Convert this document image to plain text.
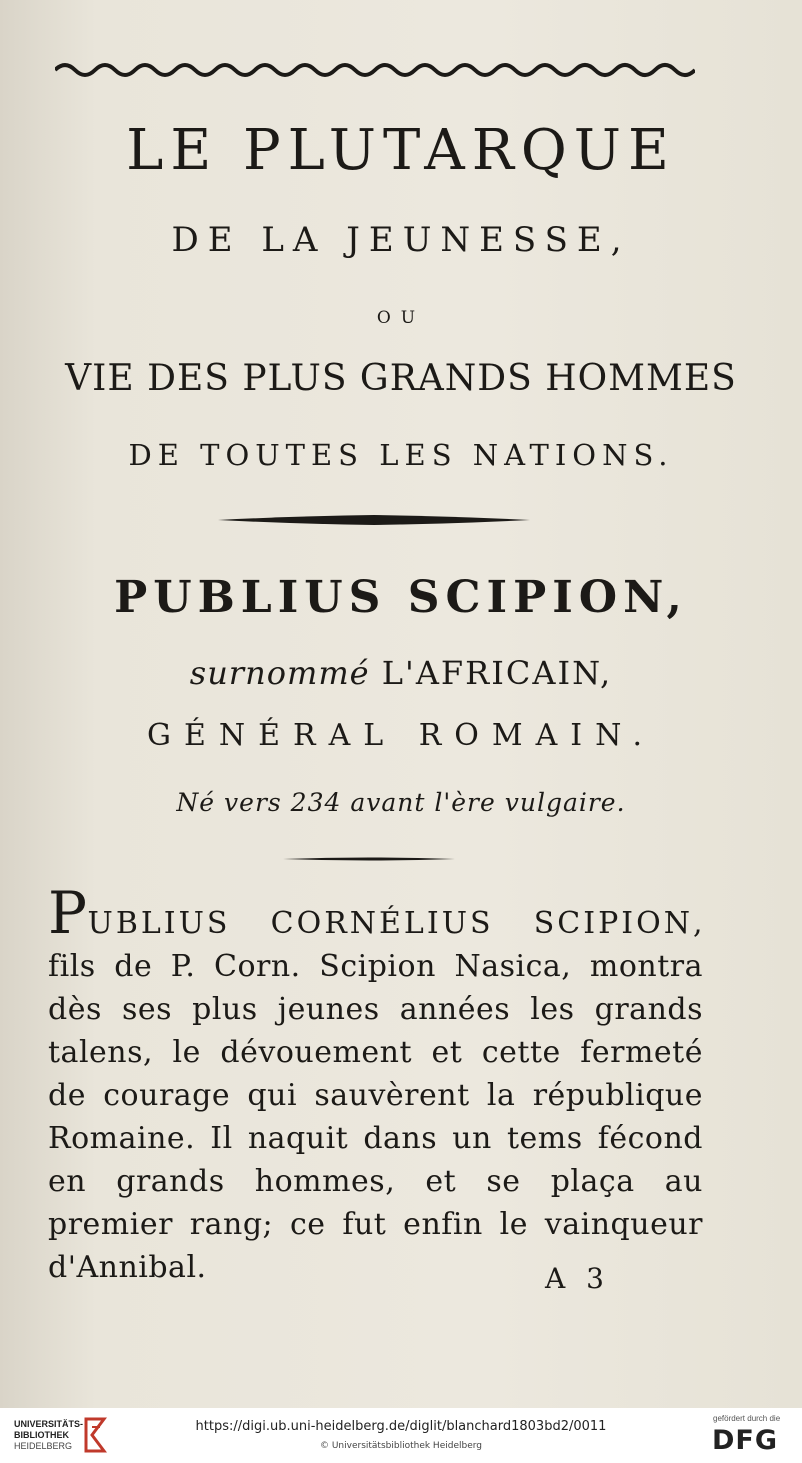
LE PLUTARQUE
DE LA JEUNESSE,
OU
VIE DES PLUS GRANDS HOMMES
DE TOUTES LES NATIONS.
PUBLIUS SCIPION,
surnommé L'AFRICAIN,
GÉNÉRAL ROMAIN.
Né vers 234 avant l'ère vulgaire.
PUBLIUS CORNÉLIUS SCIPION, fils de P. Corn. Scipion Nasica, montra dès ses plus jeunes années les grands talens, le dévouement et cette fermeté de courage qui sauvèrent la république Romaine. Il naquit dans un tems fécond en grands hommes, et se plaça au premier rang; ce fut enfin le vainqueur d'Annibal.	A 3
UNIVERSITÄTS-
BIBLIOTHEK
HEIDELBERG
https://digi.ub.uni-heidelberg.de/diglit/blanchard1803bd2/0011
© Universitätsbibliothek Heidelberg
gefördert durch die
DFG
